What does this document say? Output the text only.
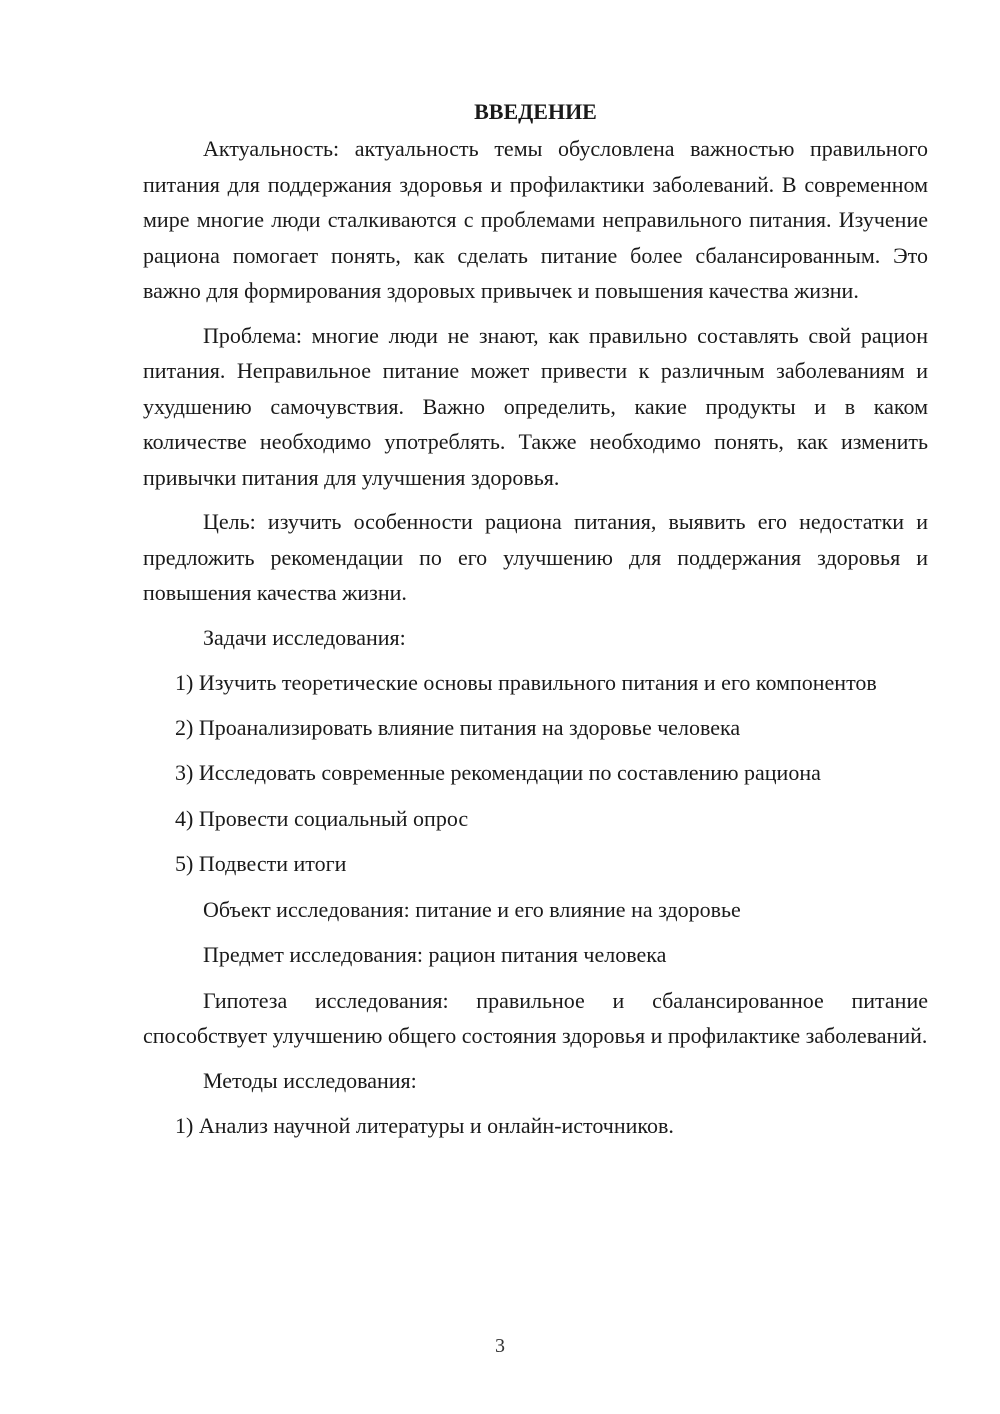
ВВЕДЕНИЕ

Актуальность: актуальность темы обусловлена важностью правильного питания для поддержания здоровья и профилактики заболеваний. В современном мире многие люди сталкиваются с проблемами неправильного питания. Изучение рациона помогает понять, как сделать питание более сбалансированным. Это важно для формирования здоровых привычек и повышения качества жизни.

Проблема: многие люди не знают, как правильно составлять свой рацион питания. Неправильное питание может привести к различным заболеваниям и ухудшению самочувствия. Важно определить, какие продукты и в каком количестве необходимо употреблять. Также необходимо понять, как изменить привычки питания для улучшения здоровья.

Цель: изучить особенности рациона питания, выявить его недостатки и предложить рекомендации по его улучшению для поддержания здоровья и повышения качества жизни.

Задачи исследования:

1) Изучить теоретические основы правильного питания и его компонентов

2) Проанализировать влияние питания на здоровье человека
3) Исследовать современные рекомендации по составлению рациона
4) Провести социальный опрос
5) Подвести итоги
Объект исследования: питание и его влияние на здоровье
Предмет исследования: рацион питания человека

Гипотеза исследования: правильное и сбалансированное питание способствует улучшению общего состояния здоровья и профилактике заболеваний.

Методы исследования:
1) Анализ научной литературы и онлайн-источников.
3
